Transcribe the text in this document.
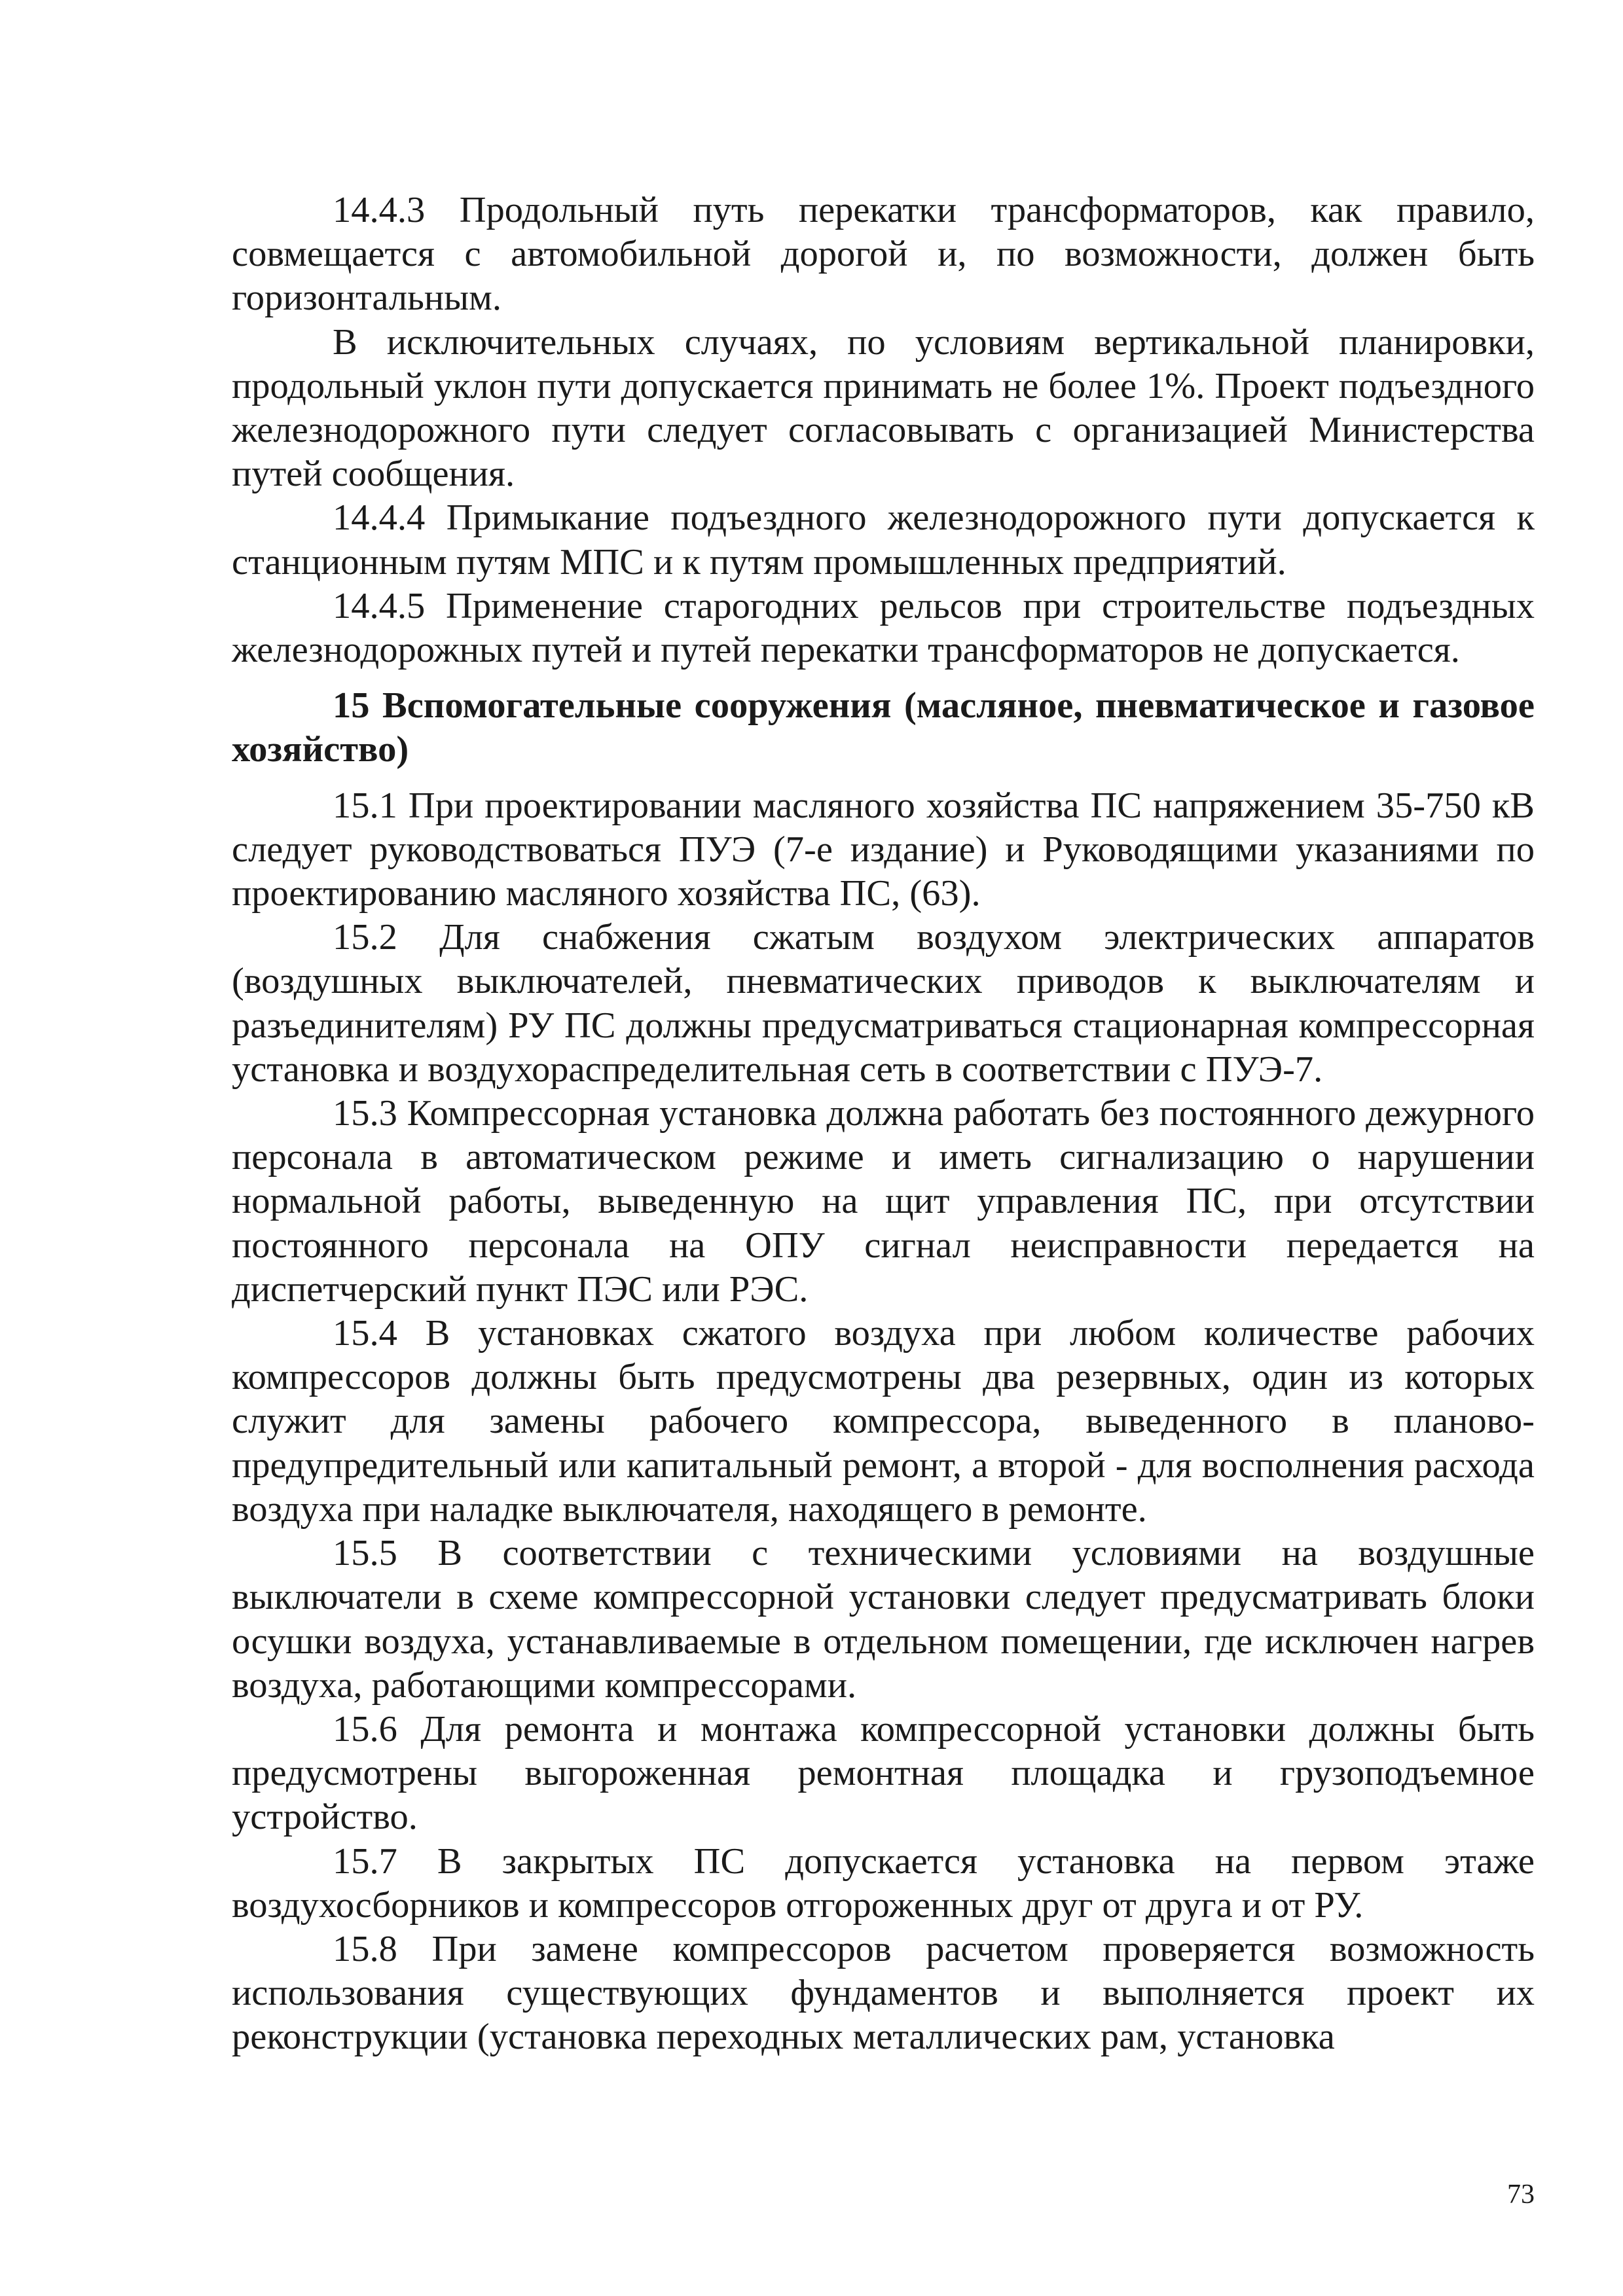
14.4.3 Продольный путь перекатки трансформаторов, как правило, совмещается с автомобильной дорогой и, по возможности, должен быть горизонтальным.

В исключительных случаях, по условиям вертикальной планировки, продольный уклон пути допускается принимать не более 1%. Проект подъездного железнодорожного пути следует согласовывать с организацией Министерства путей сообщения.

14.4.4 Примыкание подъездного железнодорожного пути допускается к станционным путям МПС и к путям промышленных предприятий.

14.4.5 Применение старогодних рельсов при строительстве подъездных железнодорожных путей и путей перекатки трансформаторов не допускается.

15 Вспомогательные сооружения (масляное, пневматическое и газовое хозяйство)

15.1 При проектировании масляного хозяйства ПС напряжением 35-750 кВ следует руководствоваться ПУЭ (7-е издание) и Руководящими указаниями по проектированию масляного хозяйства ПС, (63).

15.2 Для снабжения сжатым воздухом электрических аппаратов (воздушных выключателей, пневматических приводов к выключателям и разъединителям) РУ ПС должны предусматриваться стационарная компрессорная установка и воздухораспределительная сеть в соответствии с ПУЭ-7.

15.3 Компрессорная установка должна работать без постоянного дежурного персонала в автоматическом режиме и иметь сигнализацию о нарушении нормальной работы, выведенную на щит управления ПС, при отсутствии постоянного персонала на ОПУ сигнал неисправности передается на диспетчерский пункт ПЭС или РЭС.

15.4 В установках сжатого воздуха при любом количестве рабочих компрессоров должны быть предусмотрены два резервных, один из которых служит для замены рабочего компрессора, выведенного в планово-предупредительный или капитальный ремонт, а второй - для восполнения расхода воздуха при наладке выключателя, находящего в ремонте.

15.5 В соответствии с техническими условиями на воздушные выключатели в схеме компрессорной установки следует предусматривать блоки осушки воздуха, устанавливаемые в отдельном помещении, где исключен нагрев воздуха, работающими компрессорами.

15.6 Для ремонта и монтажа компрессорной установки должны быть предусмотрены выгороженная ремонтная площадка и грузоподъемное устройство.

15.7 В закрытых ПС допускается установка на первом этаже воздухосборников и компрессоров отгороженных друг от друга и от РУ.

15.8 При замене компрессоров расчетом проверяется возможность использования существующих фундаментов и выполняется проект их реконструкции (установка переходных металлических рам, установка

73
